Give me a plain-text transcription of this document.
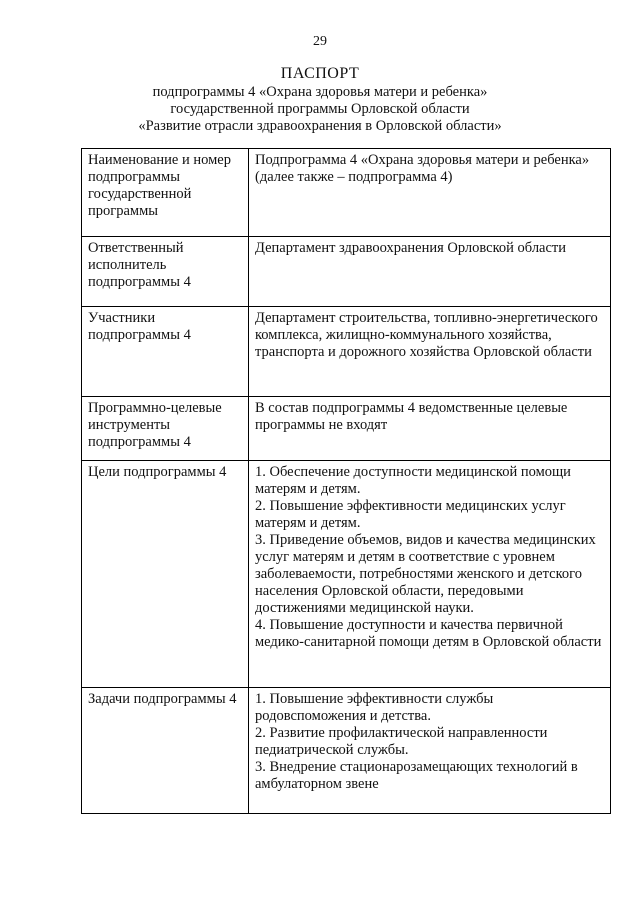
29
ПАСПОРТ
подпрограммы 4 «Охрана здоровья матери и ребенка»
государственной программы Орловской области
«Развитие отрасли здравоохранения в Орловской области»
Наименование и номер подпрограммы государственной программы	Подпрограмма 4 «Охрана здоровья матери и ребенка» (далее также – подпрограмма 4)

Ответственный исполнитель подпрограммы 4	Департамент здравоохранения Орловской области

Участники подпрограммы 4	Департамент строительства, топливно-энергетического комплекса, жилищно-коммунального хозяйства, транспорта и дорожного хозяйства Орловской области

Программно-целевые инструменты подпрограммы 4	В состав подпрограммы 4 ведомственные целевые программы не входят

Цели подпрограммы 4	1. Обеспечение доступности медицинской помощи матерям и детям.
2. Повышение эффективности медицинских услуг матерям и детям.
3. Приведение объемов, видов и качества медицинских услуг матерям и детям в соответствие с уровнем заболеваемости, потребностями женского и детского населения Орловской области, передовыми достижениями медицинской науки.
4. Повышение доступности и качества первичной медико-санитарной помощи детям в Орловской области

Задачи подпрограммы 4	1. Повышение эффективности службы родовспоможения и детства.
2. Развитие профилактической направленности педиатрической службы.
3. Внедрение стационарозамещающих технологий в амбулаторном звене
